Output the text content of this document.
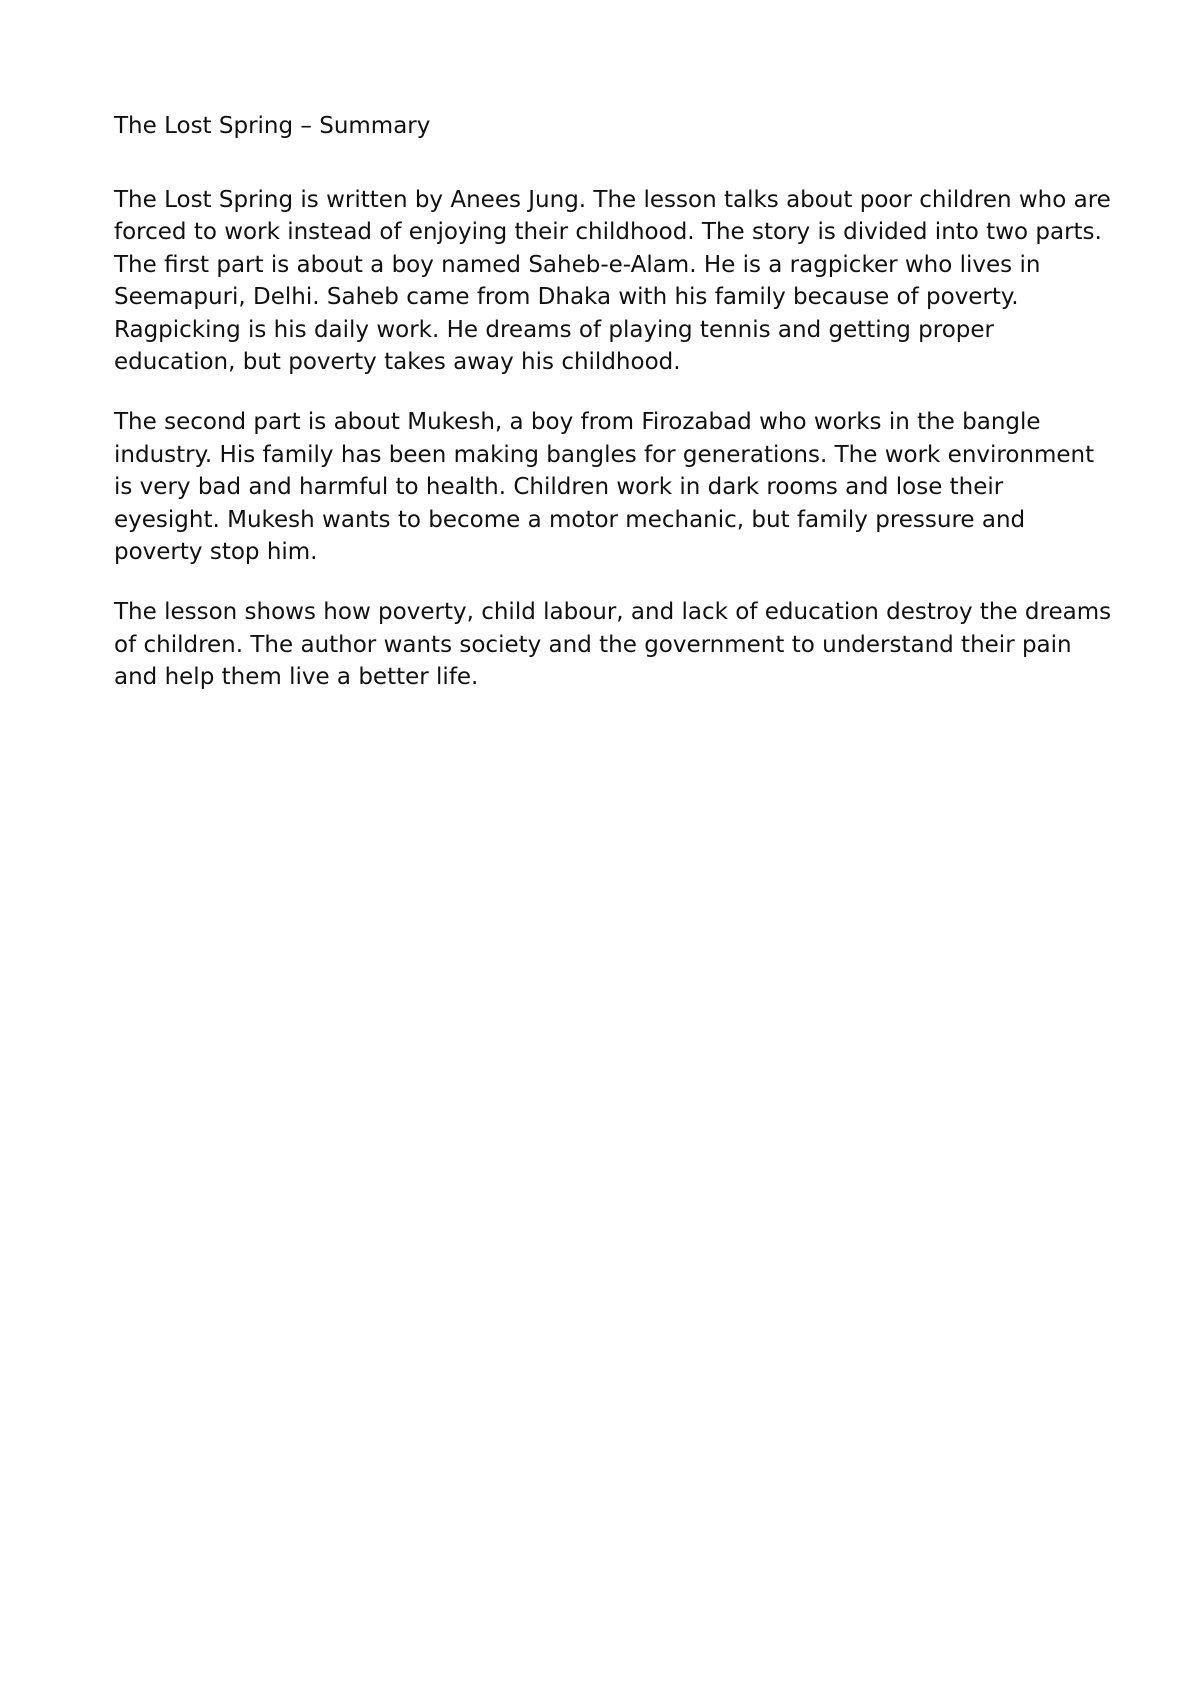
The Lost Spring – Summary

The Lost Spring is written by Anees Jung. The lesson talks about poor children who are forced to work instead of enjoying their childhood. The story is divided into two parts. The first part is about a boy named Saheb-e-Alam. He is a ragpicker who lives in Seemapuri, Delhi. Saheb came from Dhaka with his family because of poverty. Ragpicking is his daily work. He dreams of playing tennis and getting proper education, but poverty takes away his childhood.

The second part is about Mukesh, a boy from Firozabad who works in the bangle industry. His family has been making bangles for generations. The work environment is very bad and harmful to health. Children work in dark rooms and lose their eyesight. Mukesh wants to become a motor mechanic, but family pressure and poverty stop him.

The lesson shows how poverty, child labour, and lack of education destroy the dreams of children. The author wants society and the government to understand their pain and help them live a better life.
